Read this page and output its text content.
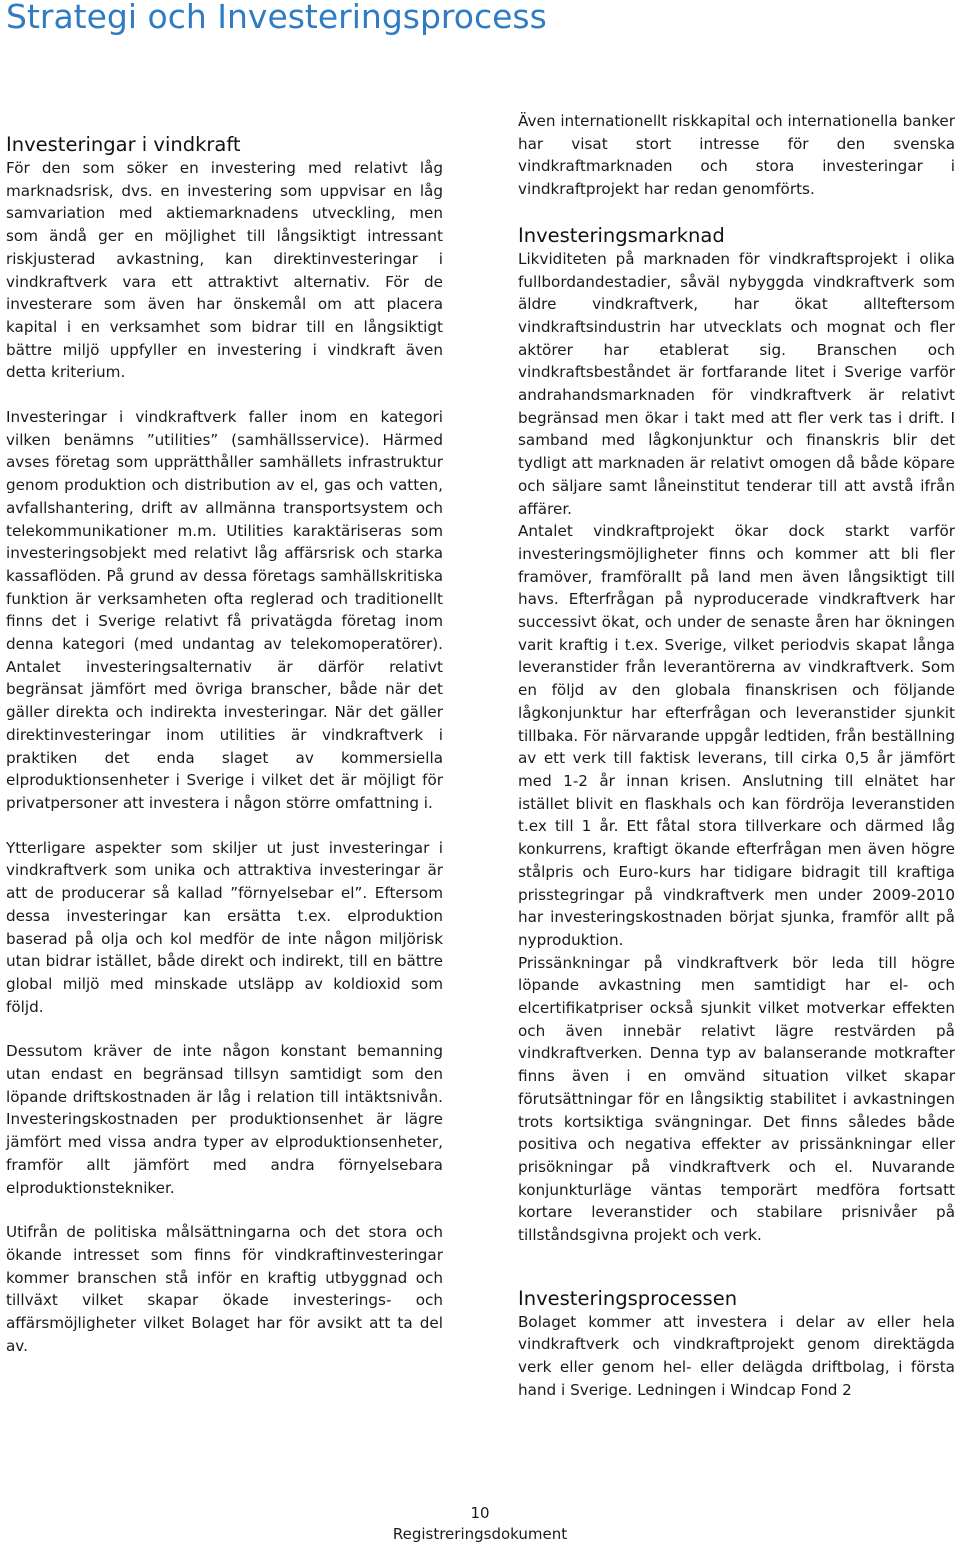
Strategi och Investeringsprocess
Investeringar i vindkraft

För den som söker en investering med relativt låg marknadsrisk, dvs. en investering som uppvisar en låg samvariation med aktiemarknadens utveckling, men som ändå ger en möjlighet till långsiktigt intressant riskjusterad avkastning, kan direktinvesteringar i vindkraftverk vara ett attraktivt alternativ. För de investerare som även har önskemål om att placera kapital i en verksamhet som bidrar till en långsiktigt bättre miljö uppfyller en investering i vindkraft även detta kriterium.

Investeringar i vindkraftverk faller inom en kategori vilken benämns ”utilities” (samhällsservice). Härmed avses företag som upprätthåller samhällets infrastruktur genom produktion och distribution av el, gas och vatten, avfallshantering, drift av allmänna transportsystem och telekommunikationer m.m. Utilities karaktäriseras som investeringsobjekt med relativt låg affärsrisk och starka kassaflöden. På grund av dessa företags samhällskritiska funktion är verksamheten ofta reglerad och traditionellt finns det i Sverige relativt få privatägda företag inom denna kategori (med undantag av telekomoperatörer). Antalet investeringsalternativ är därför relativt begränsat jämfört med övriga branscher, både när det gäller direkta och indirekta investeringar. När det gäller direktinvesteringar inom utilities är vindkraftverk i praktiken det enda slaget av kommersiella elproduktionsenheter i Sverige i vilket det är möjligt för privatpersoner att investera i någon större omfattning i.

Ytterligare aspekter som skiljer ut just investeringar i vindkraftverk som unika och attraktiva investeringar är att de producerar så kallad ”förnyelsebar el”. Eftersom dessa investeringar kan ersätta t.ex. elproduktion baserad på olja och kol medför de inte någon miljörisk utan bidrar istället, både direkt och indirekt, till en bättre global miljö med minskade utsläpp av koldioxid som följd.

Dessutom kräver de inte någon konstant bemanning utan endast en begränsad tillsyn samtidigt som den löpande driftskostnaden är låg i relation till intäktsnivån. Investeringskostnaden per produktionsenhet är lägre jämfört med vissa andra typer av elproduktionsenheter, framför allt jämfört med andra förnyelsebara elproduktionstekniker.

Utifrån de politiska målsättningarna och det stora och ökande intresset som finns för vindkraftinvesteringar kommer branschen stå inför en kraftig utbyggnad och tillväxt vilket skapar ökade investerings- och affärsmöjligheter vilket Bolaget har för avsikt att ta del av.

Även internationellt riskkapital och internationella banker har visat stort intresse för den svenska vindkraftmarknaden och stora investeringar i vindkraftprojekt har redan genomförts.

Investeringsmarknad

Likviditeten på marknaden för vindkraftsprojekt i olika fullbordandestadier, såväl nybyggda vindkraftverk som äldre vindkraftverk, har ökat allteftersom vindkraftsindustrin har utvecklats och mognat och fler aktörer har etablerat sig. Branschen och vindkraftsbeståndet är fortfarande litet i Sverige varför andrahandsmarknaden för vindkraftverk är relativt begränsad men ökar i takt med att fler verk tas i drift. I samband med lågkonjunktur och finanskris blir det tydligt att marknaden är relativt omogen då både köpare och säljare samt låneinstitut tenderar till att avstå ifrån affärer.

Antalet vindkraftprojekt ökar dock starkt varför investeringsmöjligheter finns och kommer att bli fler framöver, framförallt på land men även långsiktigt till havs. Efterfrågan på nyproducerade vindkraftverk har successivt ökat, och under de senaste åren har ökningen varit kraftig i t.ex. Sverige, vilket periodvis skapat långa leveranstider från leverantörerna av vindkraftverk. Som en följd av den globala finanskrisen och följande lågkonjunktur har efterfrågan och leveranstider sjunkit tillbaka. För närvarande uppgår ledtiden, från beställning av ett verk till faktisk leverans, till cirka 0,5 år jämfört med 1-2 år innan krisen. Anslutning till elnätet har istället blivit en flaskhals och kan fördröja leveranstiden t.ex till 1 år. Ett fåtal stora tillverkare och därmed låg konkurrens, kraftigt ökande efterfrågan men även högre stålpris och Euro-kurs har tidigare bidragit till kraftiga prisstegringar på vindkraftverk men under 2009-2010 har investeringskostnaden börjat sjunka, framför allt på nyproduktion.

Prissänkningar på vindkraftverk bör leda till högre löpande avkastning men samtidigt har el- och elcertifikatpriser också sjunkit vilket motverkar effekten och även innebär relativt lägre restvärden på vindkraftverken. Denna typ av balanserande motkrafter finns även i en omvänd situation vilket skapar förutsättningar för en långsiktig stabilitet i avkastningen trots kortsiktiga svängningar. Det finns således både positiva och negativa effekter av prissänkningar eller prisökningar på vindkraftverk och el. Nuvarande konjunkturläge väntas temporärt medföra fortsatt kortare leveranstider och stabilare prisnivåer på tillståndsgivna projekt och verk.

Investeringsprocessen

Bolaget kommer att investera i delar av eller hela vindkraftverk och vindkraftprojekt genom direktägda verk eller genom hel- eller delägda driftbolag, i första hand i Sverige. Ledningen i Windcap Fond 2

10
Registreringsdokument
